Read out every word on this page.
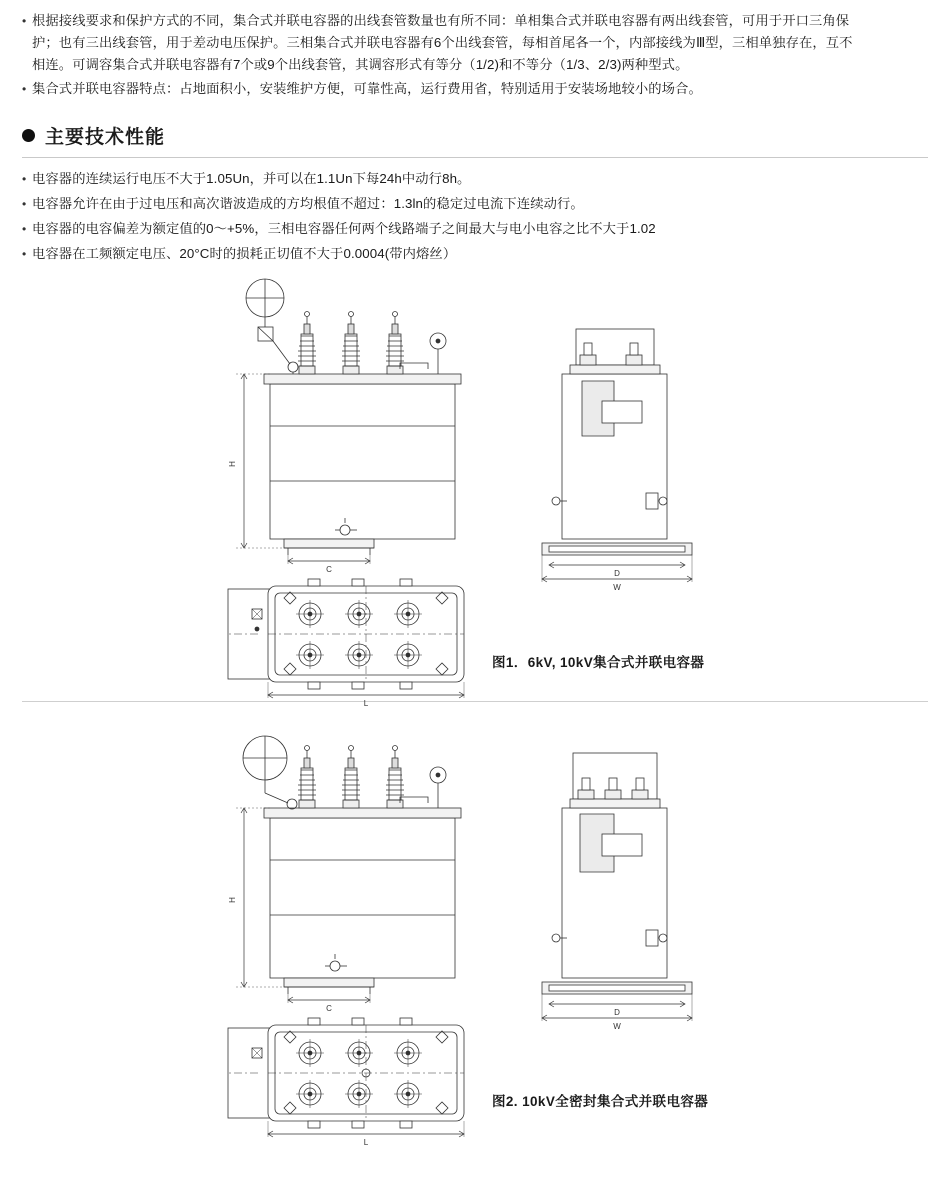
• 根据接线要求和保护方式的不同，集合式并联电容器的出线套管数量也有所不同：单相集合式并联电容器有两出线套管，可用于开口三角保
护；也有三出线套管，用于差动电压保护。三相集合式并联电容器有6个出线套管，每相首尾各一个，内部接线为Ⅲ型，三相单独存在，互不
相连。可调容集合式并联电容器有7个或9个出线套管，其调容形式有等分（1/2)和不等分（1/3、2/3)两种型式。
• 集合式并联电容器特点：占地面积小，安装维护方便，可靠性高，运行费用省，特别适用于安装场地较小的场合。
主要技术性能
• 电容器的连续运行电压不大于1.05Un，并可以在1.1Un下每24h中动行8h。
• 电容器允许在由于过电压和高次谐波造成的方均根值不超过：1.3ln的稳定过电流下连续动行。
• 电容器的电容偏差为额定值的0～+5%，三相电容器任何两个线路端子之间最大与电小电容之比不大于1.02
• 电容器在工频额定电压、20°C时的损耗正切值不大于0.0004(带内熔丝）
H
C	D
W
L
图1．6kV, 10kV集合式并联电容器
H
C	D
W
L
图2. 10kV全密封集合式并联电容器
